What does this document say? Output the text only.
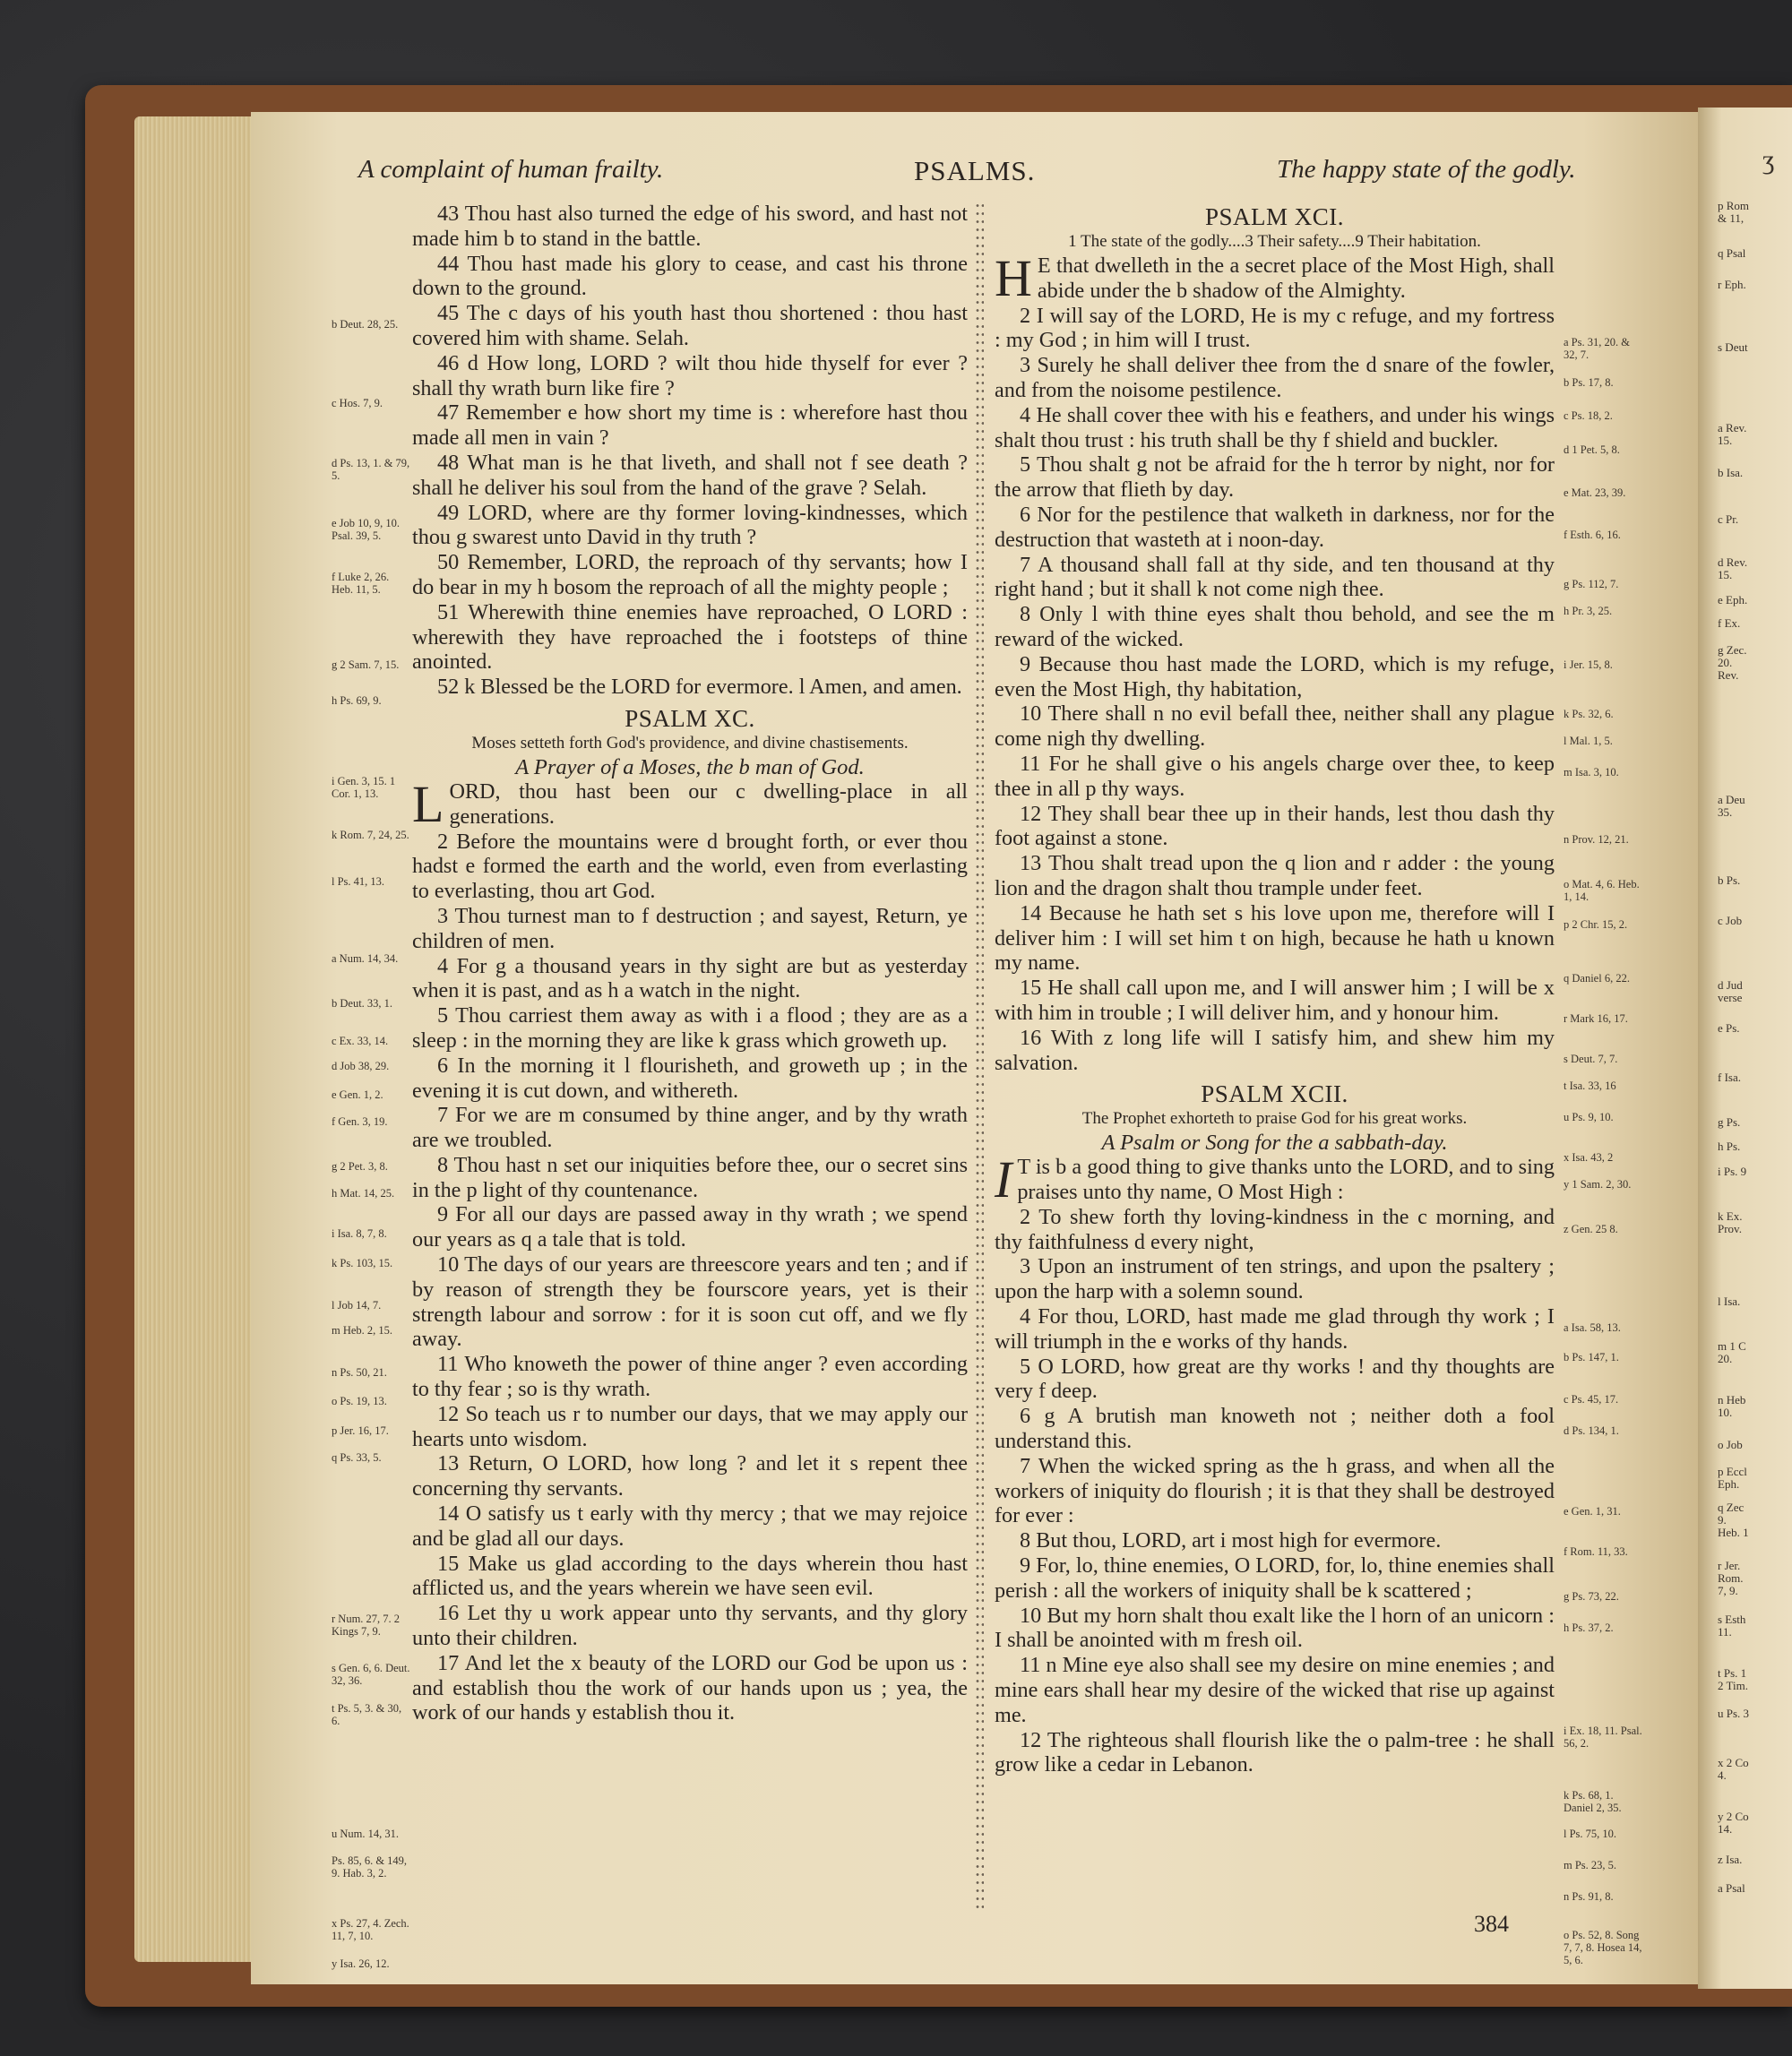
A complaint of human frailty.	PSALMS.	The happy state of the godly.
b Deut. 28, 25.
c Hos. 7, 9.
d Ps. 13, 1. & 79, 5.
e Job 10, 9, 10. Psal. 39, 5.
f Luke 2, 26. Heb. 11, 5.
g 2 Sam. 7, 15.
h Ps. 69, 9.
i Gen. 3, 15. 1 Cor. 1, 13.
k Rom. 7, 24, 25.
l Ps. 41, 13.
a Num. 14, 34.
b Deut. 33, 1.
c Ex. 33, 14.
d Job 38, 29.
e Gen. 1, 2.
f Gen. 3, 19.
g 2 Pet. 3, 8.
h Mat. 14, 25.
i Isa. 8, 7, 8.
k Ps. 103, 15.
l Job 14, 7.
m Heb. 2, 15.
n Ps. 50, 21.
o Ps. 19, 13.
p Jer. 16, 17.
q Ps. 33, 5.
r Num. 27, 7. 2 Kings 7, 9.
s Gen. 6, 6. Deut. 32, 36.
t Ps. 5, 3. & 30, 6.
u Num. 14, 31.
Ps. 85, 6. & 149, 9. Hab. 3, 2.
x Ps. 27, 4. Zech. 11, 7, 10.
y Isa. 26, 12.
43 Thou hast also turned the edge of his sword, and hast not made him b to stand in the battle.
44 Thou hast made his glory to cease, and cast his throne down to the ground.
45 The c days of his youth hast thou shortened : thou hast covered him with shame. Selah.
46 d How long, LORD ? wilt thou hide thyself for ever ? shall thy wrath burn like fire ?
47 Remember e how short my time is : wherefore hast thou made all men in vain ?
48 What man is he that liveth, and shall not f see death ? shall he deliver his soul from the hand of the grave ? Selah.
49 LORD, where are thy former loving-kindnesses, which thou g swarest unto David in thy truth ?
50 Remember, LORD, the reproach of thy servants; how I do bear in my h bosom the reproach of all the mighty people ;
51 Wherewith thine enemies have reproached, O LORD : wherewith they have reproached the i footsteps of thine anointed.
52 k Blessed be the LORD for evermore. l Amen, and amen.
PSALM XC.
Moses setteth forth God's providence, and divine chastisements.
A Prayer of a Moses, the b man of God.
LORD, thou hast been our c dwelling-place in all generations.
2 Before the mountains were d brought forth, or ever thou hadst e formed the earth and the world, even from everlasting to everlasting, thou art God.
3 Thou turnest man to f destruction ; and sayest, Return, ye children of men.
4 For g a thousand years in thy sight are but as yesterday when it is past, and as h a watch in the night.
5 Thou carriest them away as with i a flood ; they are as a sleep : in the morning they are like k grass which groweth up.
6 In the morning it l flourisheth, and groweth up ; in the evening it is cut down, and withereth.
7 For we are m consumed by thine anger, and by thy wrath are we troubled.
8 Thou hast n set our iniquities before thee, our o secret sins in the p light of thy countenance.
9 For all our days are passed away in thy wrath ; we spend our years as q a tale that is told.
10 The days of our years are threescore years and ten ; and if by reason of strength they be fourscore years, yet is their strength labour and sorrow : for it is soon cut off, and we fly away.
11 Who knoweth the power of thine anger ? even according to thy fear ; so is thy wrath.
12 So teach us r to number our days, that we may apply our hearts unto wisdom.
13 Return, O LORD, how long ? and let it s repent thee concerning thy servants.
14 O satisfy us t early with thy mercy ; that we may rejoice and be glad all our days.
15 Make us glad according to the days wherein thou hast afflicted us, and the years wherein we have seen evil.
16 Let thy u work appear unto thy servants, and thy glory unto their children.
17 And let the x beauty of the LORD our God be upon us : and establish thou the work of our hands upon us ; yea, the work of our hands y establish thou it.
PSALM XCI.
1 The state of the godly....3 Their safety....9 Their habitation.
H E that dwelleth in the a secret place of the Most High, shall abide under the b shadow of the Almighty.
2 I will say of the LORD, He is my c refuge, and my fortress : my God ; in him will I trust.
3 Surely he shall deliver thee from the d snare of the fowler, and from the noisome pestilence.
4 He shall cover thee with his e feathers, and under his wings shalt thou trust : his truth shall be thy f shield and buckler.
5 Thou shalt g not be afraid for the h terror by night, nor for the arrow that flieth by day.
6 Nor for the pestilence that walketh in darkness, nor for the destruction that wasteth at i noon-day.
7 A thousand shall fall at thy side, and ten thousand at thy right hand ; but it shall k not come nigh thee.
8 Only l with thine eyes shalt thou behold, and see the m reward of the wicked.
9 Because thou hast made the LORD, which is my refuge, even the Most High, thy habitation,
10 There shall n no evil befall thee, neither shall any plague come nigh thy dwelling.
11 For he shall give o his angels charge over thee, to keep thee in all p thy ways.
12 They shall bear thee up in their hands, lest thou dash thy foot against a stone.
13 Thou shalt tread upon the q lion and r adder : the young lion and the dragon shalt thou trample under feet.
14 Because he hath set s his love upon me, therefore will I deliver him : I will set him t on high, because he hath u known my name.
15 He shall call upon me, and I will answer him ; I will be x with him in trouble ; I will deliver him, and y honour him.
16 With z long life will I satisfy him, and shew him my salvation.
PSALM XCII.
The Prophet exhorteth to praise God for his great works.
A Psalm or Song for the a sabbath-day.
I T is b a good thing to give thanks unto the LORD, and to sing praises unto thy name, O Most High :
2 To shew forth thy loving-kindness in the c morning, and thy faithfulness d every night,
3 Upon an instrument of ten strings, and upon the psaltery ; upon the harp with a solemn sound.
4 For thou, LORD, hast made me glad through thy work ; I will triumph in the e works of thy hands.
5 O LORD, how great are thy works ! and thy thoughts are very f deep.
6 g A brutish man knoweth not ; neither doth a fool understand this.
7 When the wicked spring as the h grass, and when all the workers of iniquity do flourish ; it is that they shall be destroyed for ever :
8 But thou, LORD, art i most high for evermore.
9 For, lo, thine enemies, O LORD, for, lo, thine enemies shall perish : all the workers of iniquity shall be k scattered ;
10 But my horn shalt thou exalt like the l horn of an unicorn : I shall be anointed with m fresh oil.
11 n Mine eye also shall see my desire on mine enemies ; and mine ears shall hear my desire of the wicked that rise up against me.
12 The righteous shall flourish like the o palm-tree : he shall grow like a cedar in Lebanon.
a Ps. 31, 20. & 32, 7.
b Ps. 17, 8.
c Ps. 18, 2.
d 1 Pet. 5, 8.
e Mat. 23, 39.
f Esth. 6, 16.
g Ps. 112, 7.
h Pr. 3, 25.
i Jer. 15, 8.
k Ps. 32, 6.
l Mal. 1, 5.
m Isa. 3, 10.
n Prov. 12, 21.
o Mat. 4, 6. Heb. 1, 14.
p 2 Chr. 15, 2.
q Daniel 6, 22.
r Mark 16, 17.
s Deut. 7, 7.
t Isa. 33, 16
u Ps. 9, 10.
x Isa. 43, 2
y 1 Sam. 2, 30.
z Gen. 25 8.
a Isa. 58, 13.
b Ps. 147, 1.
c Ps. 45, 17.
d Ps. 134, 1.
e Gen. 1, 31.
f Rom. 11, 33.
g Ps. 73, 22.
h Ps. 37, 2.
i Ex. 18, 11. Psal. 56, 2.
k Ps. 68, 1. Daniel 2, 35.
l Ps. 75, 10.
m Ps. 23, 5.
n Ps. 91, 8.
o Ps. 52, 8. Song 7, 7, 8. Hosea 14, 5, 6.
384
ʒ
p Rom
& 11,
q Psal
r Eph.
s Deut
a Rev.
15.
b Isa.
c Pr.
d Rev.
15.
e Eph.
f Ex.
g Zec.
20.
Rev.
a Deu
35.
b Ps.
c Job
d Jud
verse
e Ps.
f Isa.
g Ps.
h Ps.
i Ps. 9
k Ex.
Prov.
l Isa.
m 1 C
20.
n Heb
10.
o Job
p Eccl
Eph.
q Zec
9.
Heb. 1
r Jer.
Rom.
7, 9.
s Esth
11.
t Ps. 1
2 Tim.
u Ps. 3
x 2 Co
4.
y 2 Co
14.
z Isa.
a Psal
